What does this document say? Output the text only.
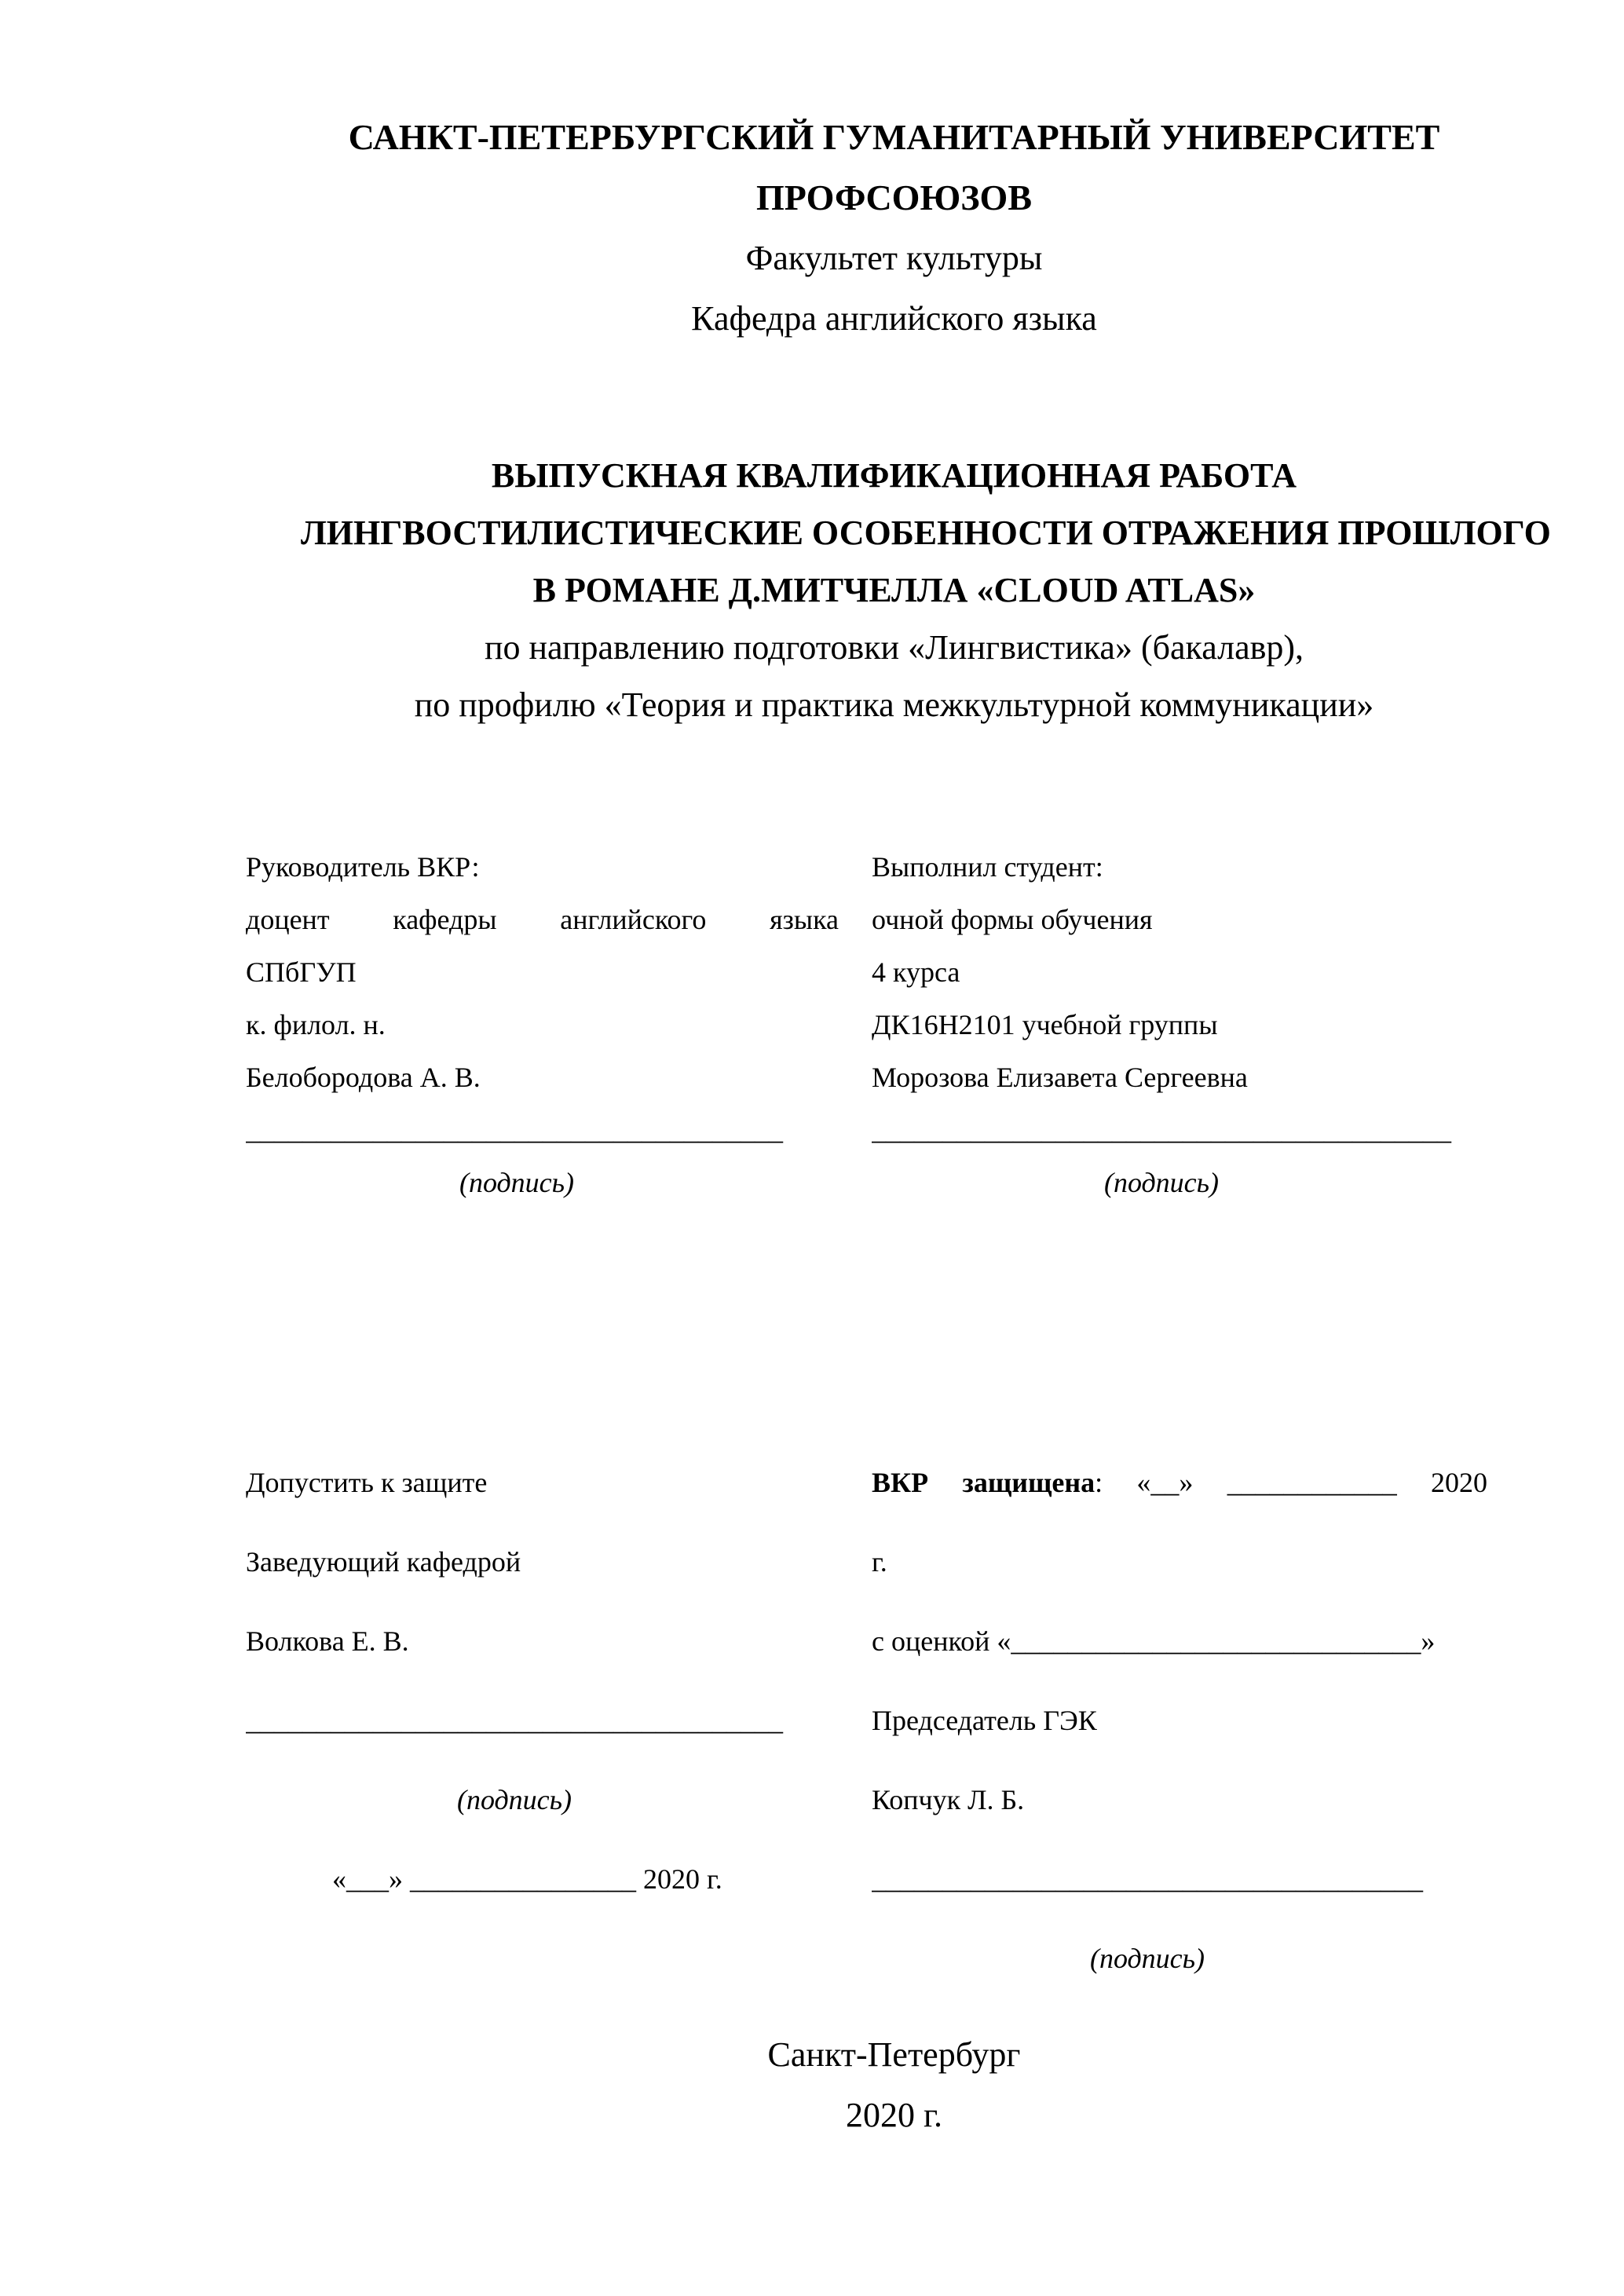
САНКТ-ПЕТЕРБУРГСКИЙ ГУМАНИТАРНЫЙ УНИВЕРСИТЕТ

ПРОФСОЮЗОВ

Факультет культуры

Кафедра английского языка

ВЫПУСКНАЯ КВАЛИФИКАЦИОННАЯ РАБОТА

ЛИНГВОСТИЛИСТИЧЕСКИЕ ОСОБЕННОСТИ ОТРАЖЕНИЯ ПРОШЛОГО

В РОМАНЕ Д.МИТЧЕЛЛА «CLOUD ATLAS»

по направлению подготовки «Лингвистика» (бакалавр),

по профилю «Теория и практика межкультурной коммуникации»

Руководитель ВКР:

доцент кафедры английского языка

СПбГУП

к. филол. н.

Белобородова А. В.

______________________________________

(подпись)

Выполнил студент:

очной формы обучения

4 курса

ДК16Н2101 учебной группы

Морозова Елизавета Сергеевна

_________________________________________

(подпись)

Допустить к защите

Заведующий кафедрой

Волкова Е. В.

______________________________________

(подпись)

«___» ________________ 2020 г.

ВКР защищена: «__» ____________ 2020

г.

с оценкой «_____________________________»

Председатель ГЭК

Копчук Л. Б.

_______________________________________

(подпись)

Санкт-Петербург

2020 г.
